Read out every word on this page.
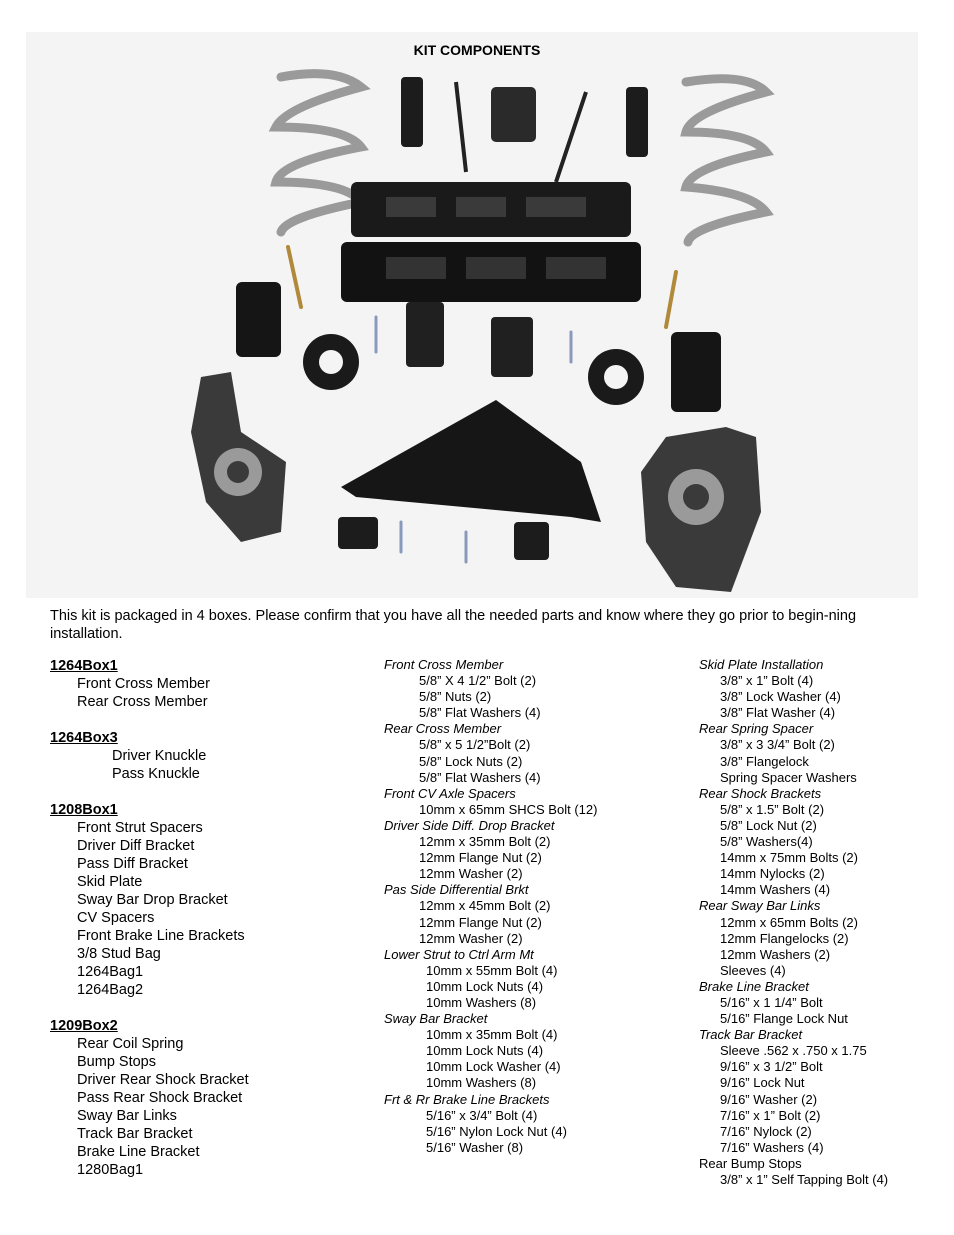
KIT COMPONENTS
This kit is packaged in 4 boxes. Please confirm that you have all the needed parts and know where they go prior to begin-ning installation.
1264Box1
Front Cross Member
Rear Cross Member
1264Box3
Driver Knuckle
Pass Knuckle
1208Box1
Front Strut Spacers
Driver Diff Bracket
Pass Diff Bracket
Skid Plate
Sway Bar Drop Bracket
CV Spacers
Front Brake Line Brackets
3/8 Stud Bag
1264Bag1
1264Bag2
1209Box2
Rear Coil Spring
Bump Stops
Driver Rear Shock Bracket
Pass Rear Shock Bracket
Sway Bar Links
Track Bar Bracket
Brake Line Bracket
1280Bag1
Front Cross Member
5/8” X 4 1/2” Bolt (2)
5/8” Nuts (2)
5/8” Flat Washers (4)
Rear Cross Member
5/8” x 5 1/2”Bolt (2)
5/8” Lock Nuts (2)
5/8” Flat Washers (4)
Front CV Axle Spacers
10mm x 65mm SHCS Bolt (12)
Driver Side Diff. Drop Bracket
12mm x 35mm Bolt (2)
12mm Flange Nut (2)
12mm Washer (2)
Pas Side Differential Brkt
12mm x 45mm Bolt (2)
12mm Flange Nut (2)
12mm Washer (2)
Lower Strut to Ctrl Arm Mt
10mm x 55mm Bolt (4)
10mm Lock Nuts (4)
10mm Washers (8)
Sway Bar Bracket
10mm x 35mm Bolt (4)
10mm Lock Nuts (4)
10mm Lock Washer (4)
10mm Washers (8)
Frt & Rr Brake Line Brackets
5/16” x 3/4” Bolt (4)
5/16” Nylon Lock Nut (4)
5/16” Washer (8)
Skid Plate Installation
3/8” x 1” Bolt (4)
3/8” Lock Washer (4)
3/8” Flat Washer (4)
Rear Spring Spacer
3/8” x 3 3/4” Bolt (2)
3/8” Flangelock
Spring Spacer Washers
Rear Shock Brackets
5/8” x 1.5” Bolt (2)
5/8” Lock Nut (2)
5/8” Washers(4)
14mm x 75mm Bolts (2)
14mm Nylocks (2)
14mm Washers (4)
Rear Sway Bar Links
12mm x 65mm Bolts (2)
12mm Flangelocks (2)
12mm Washers (2)
Sleeves (4)
Brake Line Bracket
5/16” x 1 1/4” Bolt
5/16” Flange Lock Nut
Track Bar Bracket
Sleeve .562 x .750 x 1.75
9/16” x 3 1/2” Bolt
9/16” Lock Nut
9/16” Washer (2)
7/16” x 1” Bolt (2)
7/16” Nylock (2)
7/16” Washers (4)
Rear Bump Stops
3/8” x 1” Self Tapping Bolt (4)
